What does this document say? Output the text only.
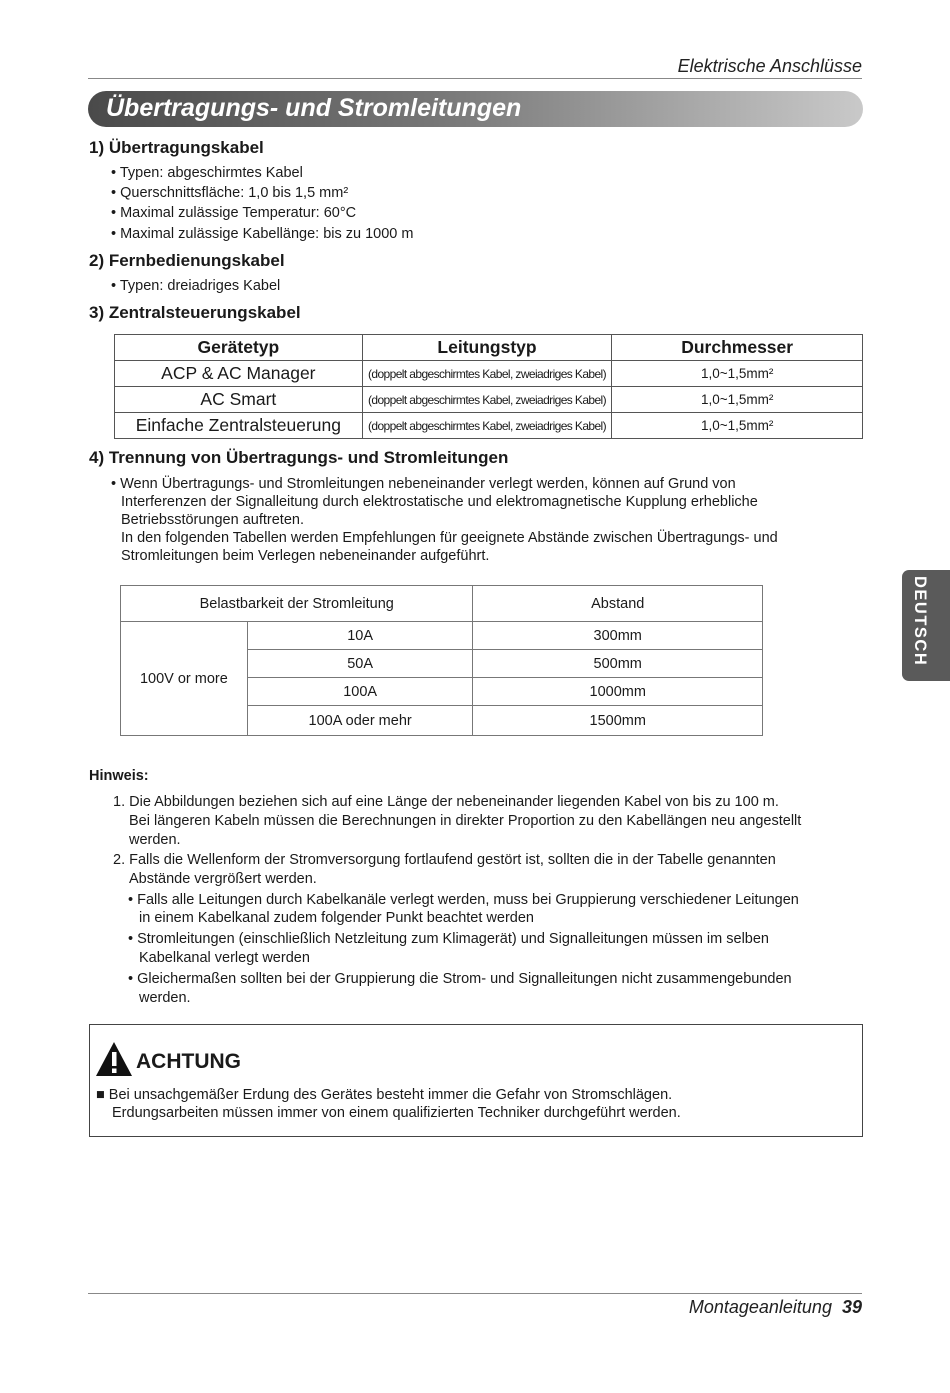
Elektrische Anschlüsse
Übertragungs- und Stromleitungen
1) Übertragungskabel
• Typen: abgeschirmtes Kabel
• Querschnittsfläche: 1,0 bis 1,5 mm²
• Maximal zulässige Temperatur: 60°C
• Maximal zulässige Kabellänge: bis zu 1000 m
2) Fernbedienungskabel
• Typen: dreiadriges Kabel
3) Zentralsteuerungskabel
Gerätetyp	Leitungstyp	Durchmesser
ACP & AC Manager	(doppelt abgeschirmtes Kabel, zweiadriges Kabel)	1,0~1,5mm²
AC Smart	(doppelt abgeschirmtes Kabel, zweiadriges Kabel)	1,0~1,5mm²
Einfache Zentralsteuerung	(doppelt abgeschirmtes Kabel, zweiadriges Kabel)	1,0~1,5mm²
4) Trennung von Übertragungs- und Stromleitungen
• Wenn Übertragungs- und Stromleitungen nebeneinander verlegt werden, können auf Grund von
Interferenzen der Signalleitung durch elektrostatische und elektromagnetische Kupplung erhebliche
Betriebsstörungen auftreten.
In den folgenden Tabellen werden Empfehlungen für geeignete Abstände zwischen Übertragungs- und
Stromleitungen beim Verlegen nebeneinander aufgeführt.
Belastbarkeit der Stromleitung		Abstand
100V or more	10A	300mm
	50A	500mm
	100A	1000mm
	100A oder mehr	1500mm
Hinweis:
1. Die Abbildungen beziehen sich auf eine Länge der nebeneinander liegenden Kabel von bis zu 100 m.
Bei längeren Kabeln müssen die Berechnungen in direkter Proportion zu den Kabellängen neu angestellt
werden.
2. Falls die Wellenform der Stromversorgung fortlaufend gestört ist, sollten die in der Tabelle genannten
Abstände vergrößert werden.
• Falls alle Leitungen durch Kabelkanäle verlegt werden, muss bei Gruppierung verschiedener Leitungen
in einem Kabelkanal zudem folgender Punkt beachtet werden
• Stromleitungen (einschließlich Netzleitung zum Klimagerät) und Signalleitungen müssen im selben
Kabelkanal verlegt werden
• Gleichermaßen sollten bei der Gruppierung die Strom- und Signalleitungen nicht zusammengebunden
werden.
ACHTUNG
■ Bei unsachgemäßer Erdung des Gerätes besteht immer die Gefahr von Stromschlägen.
Erdungsarbeiten müssen immer von einem qualifizierten Techniker durchgeführt werden.
DEUTSCH
Montageanleitung 39
